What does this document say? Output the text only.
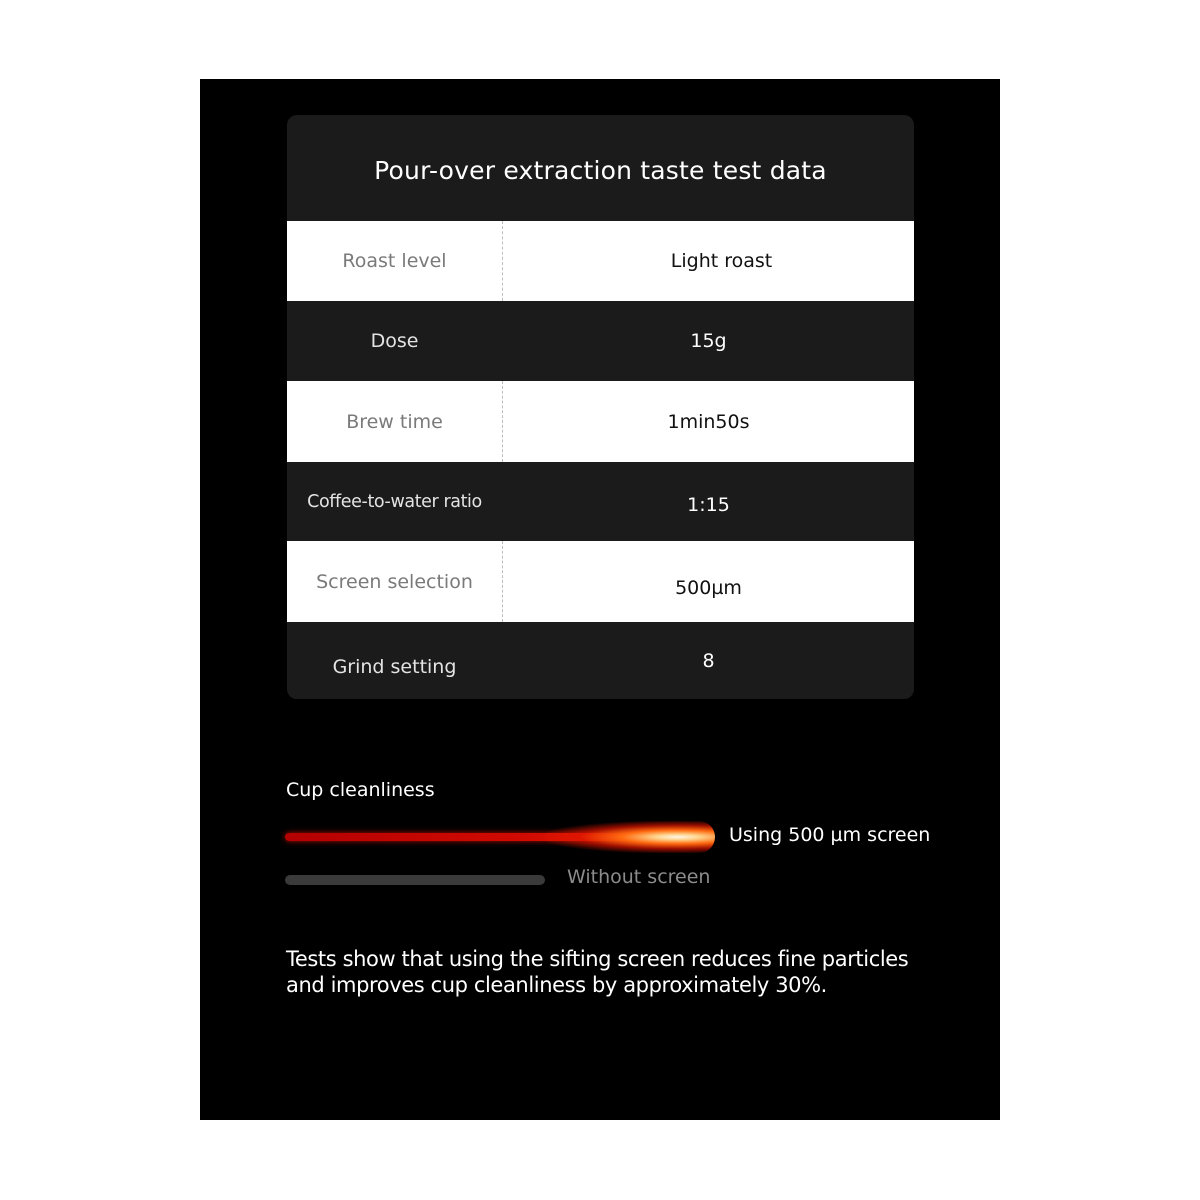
Pour-over extraction taste test data
Roast level	Light roast
Dose	15g
Brew time	1min50s
Coffee-to-water ratio	1:15
Screen selection	500µm
Grind setting	8
Cup cleanliness
Using 500 µm screen
Without screen
Tests show that using the sifting screen reduces fine particles and improves cup cleanliness by approximately 30%.
